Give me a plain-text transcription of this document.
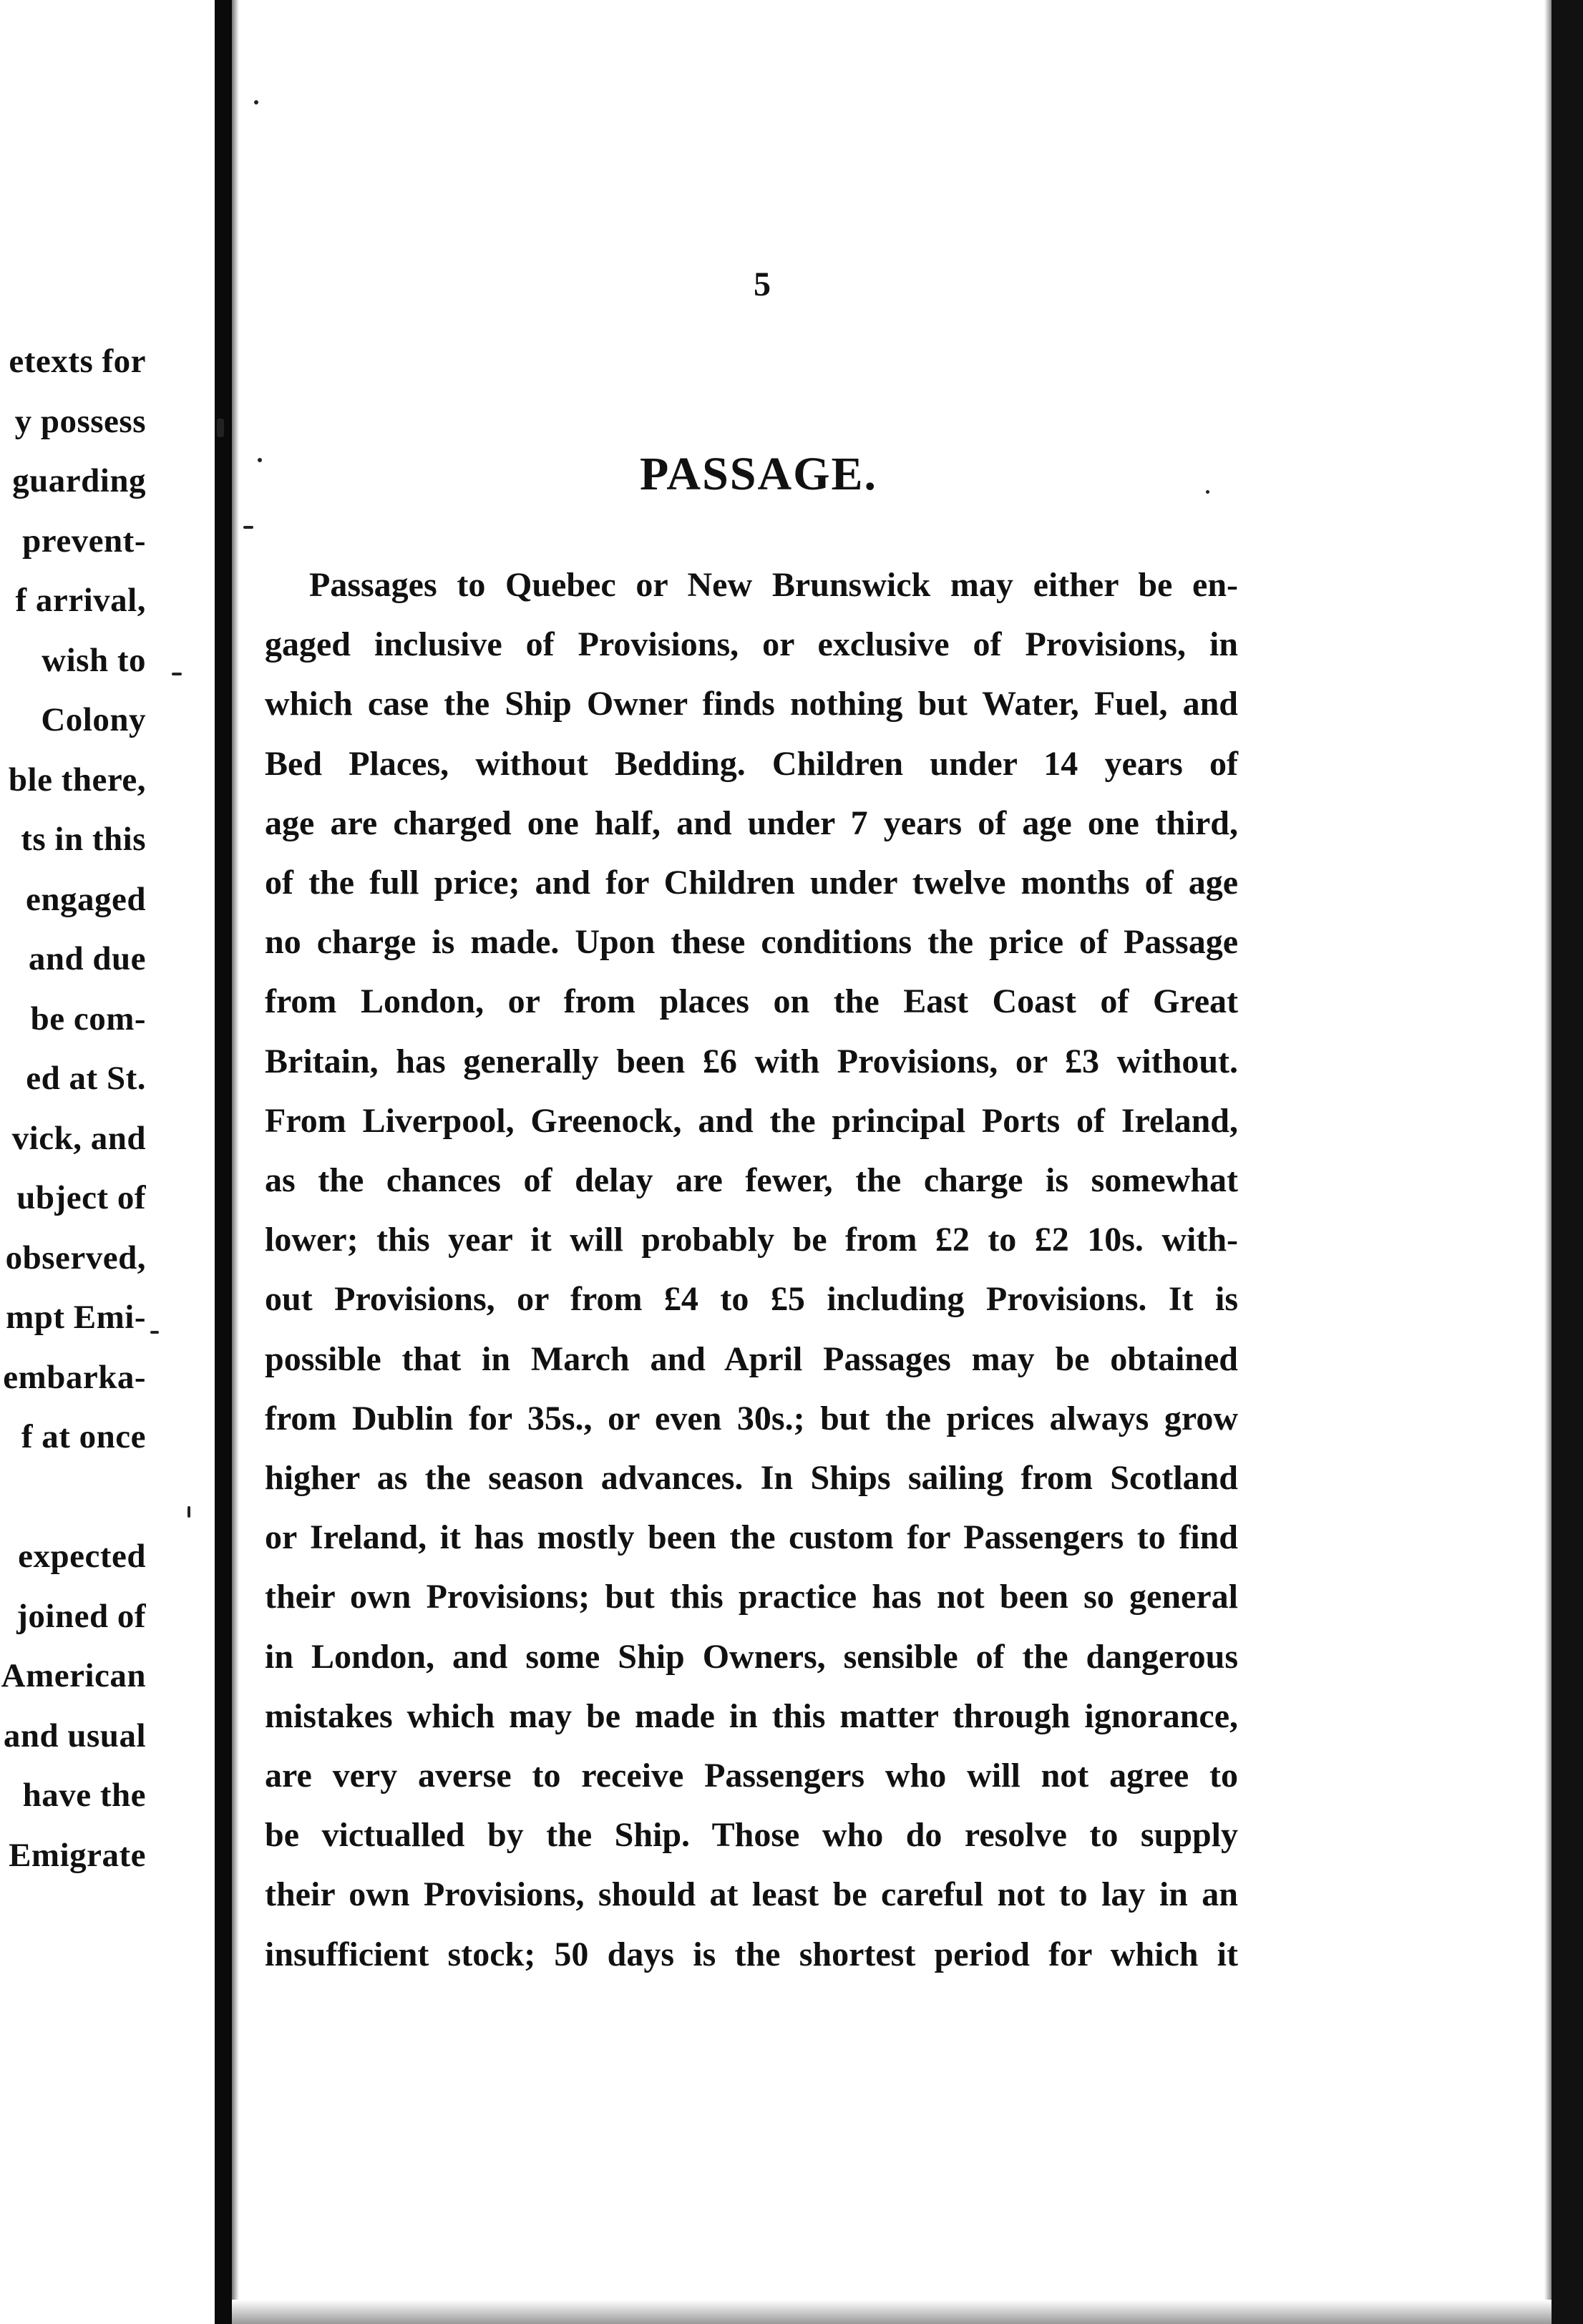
etexts for
y possess
guarding
prevent-
f arrival,
wish to
Colony
ble there,
ts in this
engaged
and due
be com-
ed at St.
vick, and
ubject of
observed,
mpt Emi-
embarka-
f at once
expected
joined of
American
and usual
have the
Emigrate
5
PASSAGE.
Passages to Quebec or New Brunswick may either be en-
gaged inclusive of Provisions, or exclusive of Provisions, in
which case the Ship Owner finds nothing but Water, Fuel, and
Bed Places, without Bedding. Children under 14 years of
age are charged one half, and under 7 years of age one third,
of the full price; and for Children under twelve months of age
no charge is made. Upon these conditions the price of Passage
from London, or from places on the East Coast of Great
Britain, has generally been £6 with Provisions, or £3 without.
From Liverpool, Greenock, and the principal Ports of Ireland,
as the chances of delay are fewer, the charge is somewhat
lower; this year it will probably be from £2 to £2 10s. with-
out Provisions, or from £4 to £5 including Provisions. It is
possible that in March and April Passages may be obtained
from Dublin for 35s., or even 30s.; but the prices always grow
higher as the season advances. In Ships sailing from Scotland
or Ireland, it has mostly been the custom for Passengers to find
their own Provisions; but this practice has not been so general
in London, and some Ship Owners, sensible of the dangerous
mistakes which may be made in this matter through ignorance,
are very averse to receive Passengers who will not agree to
be victualled by the Ship. Those who do resolve to supply
their own Provisions, should at least be careful not to lay in an
insufficient stock; 50 days is the shortest period for which it
